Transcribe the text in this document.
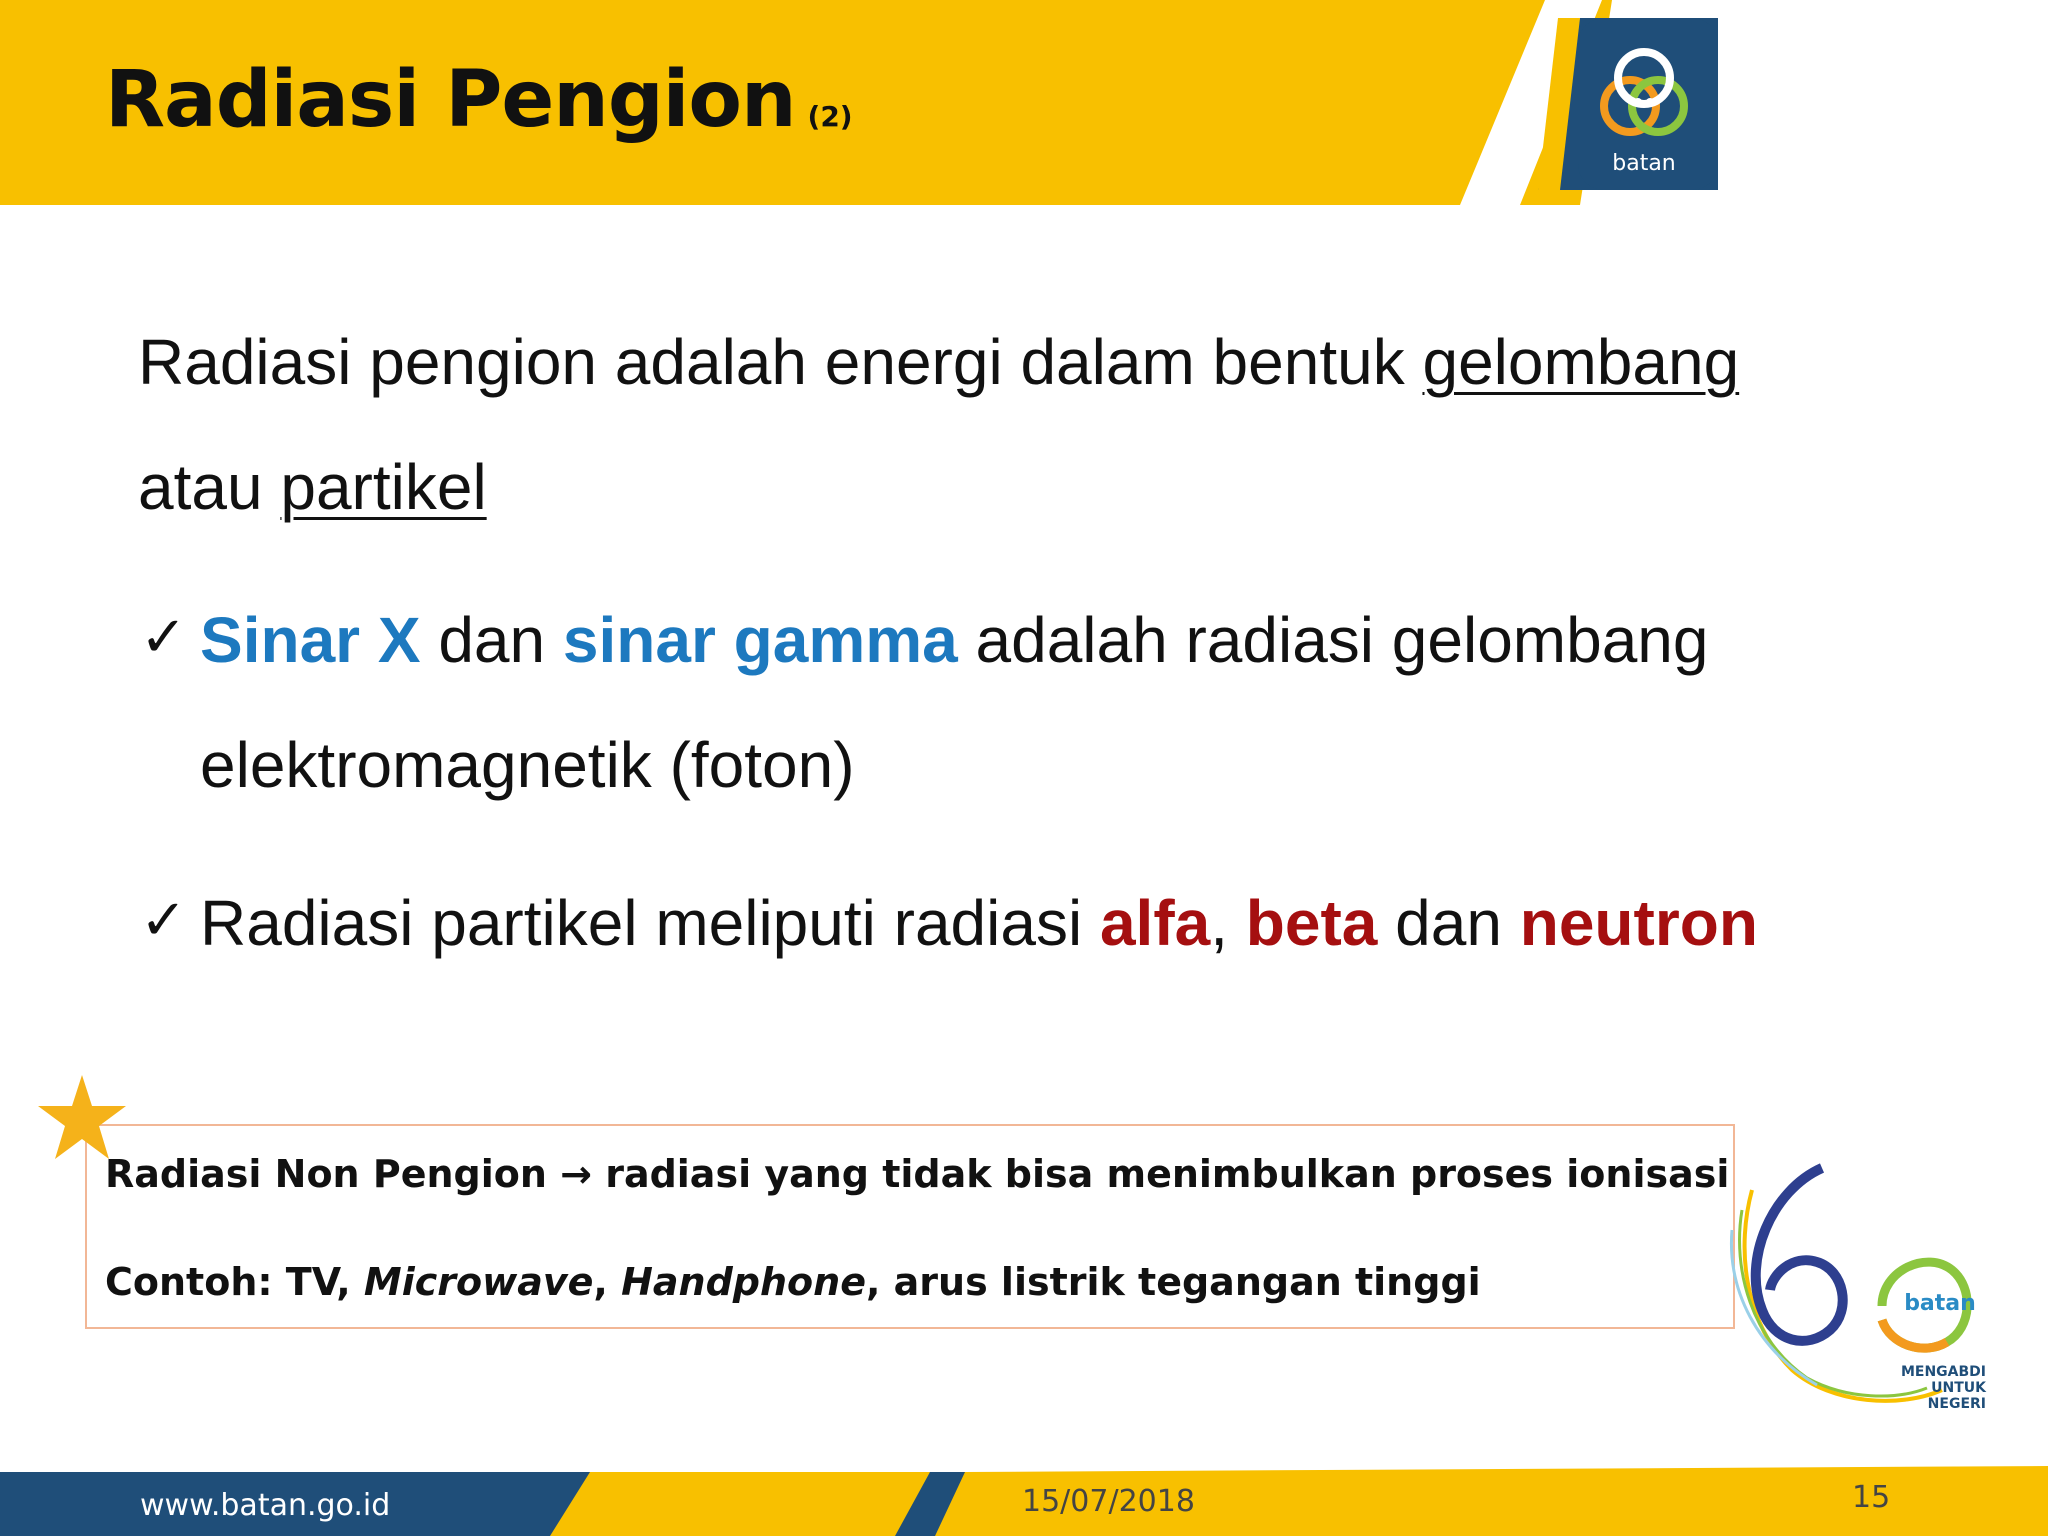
Radiasi Pengion (2)
batan
Radiasi pengion adalah energi dalam bentuk gelombang
atau partikel
✓ Sinar X dan sinar gamma adalah radiasi gelombang
elektromagnetik (foton)
✓ Radiasi partikel meliputi radiasi alfa, beta dan neutron
Radiasi Non Pengion → radiasi yang tidak bisa menimbulkan proses ionisasi
Contoh: TV, Microwave, Handphone, arus listrik tegangan tinggi	batan
MENGABDI
UNTUK
NEGERI
www.batan.go.id	15/07/2018	15
